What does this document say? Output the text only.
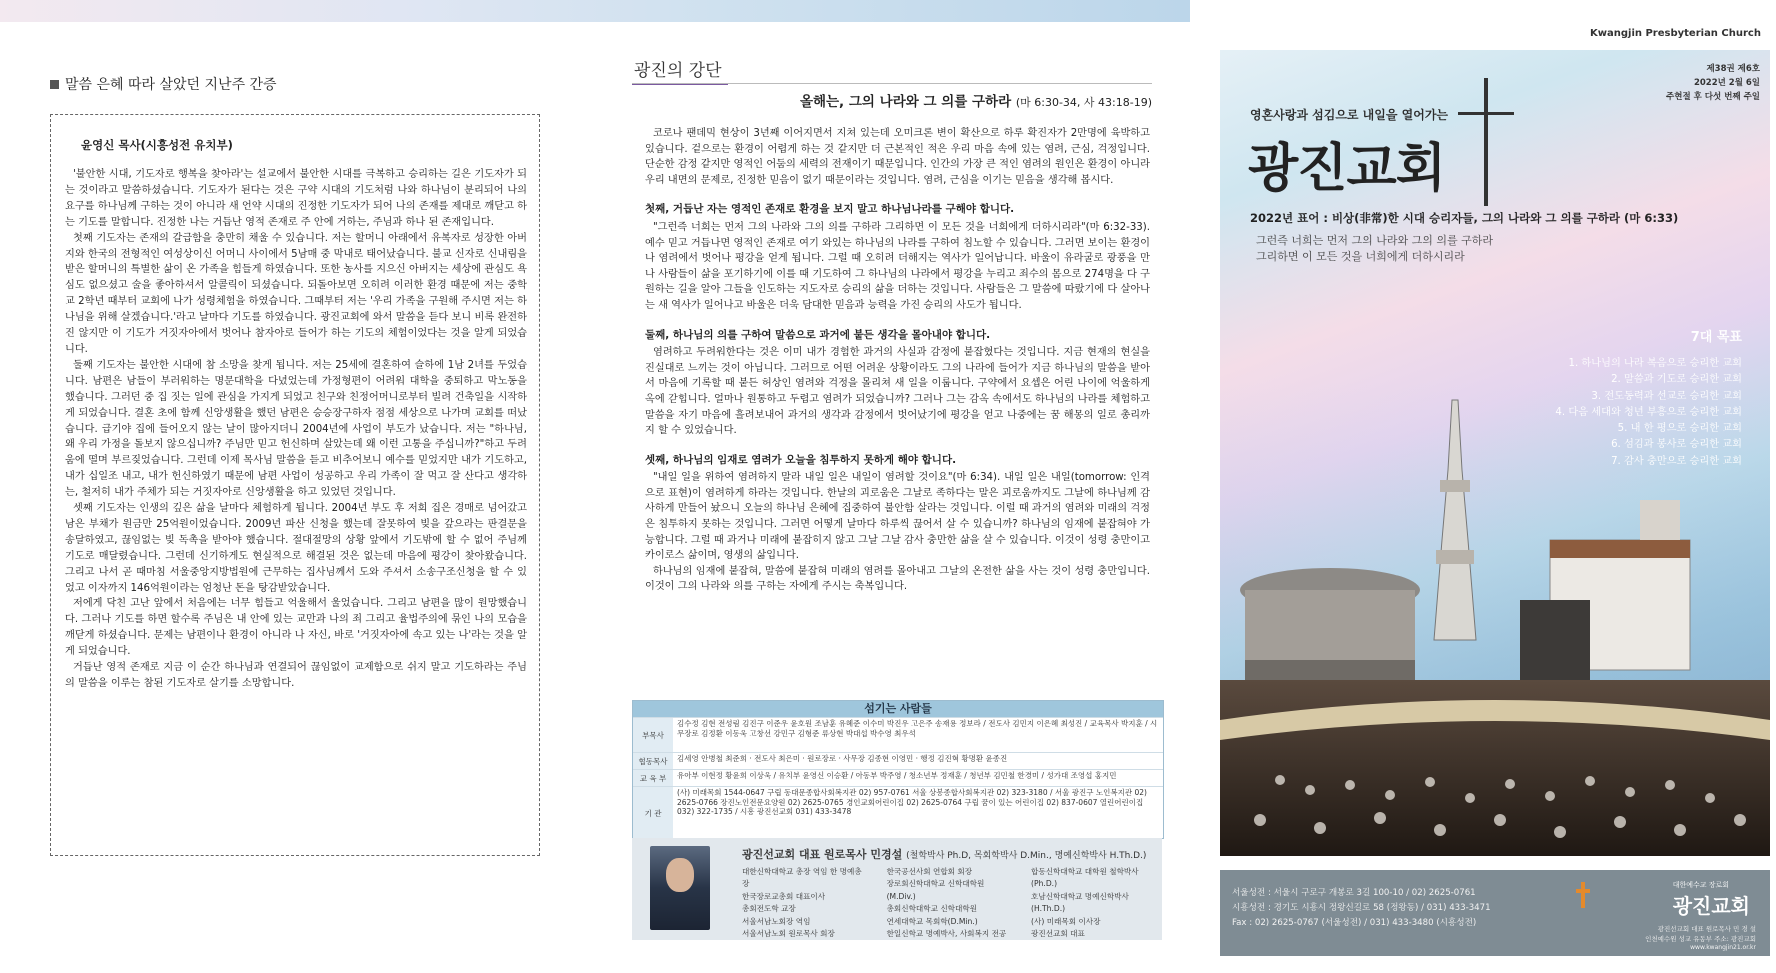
말씀 은혜 따라 살았던 지난주 간증
윤영신 목사(시흥성전 유치부)

'불안한 시대, 기도자로 행복을 찾아라'는 설교에서 불안한 시대를 극복하고 승리하는 길은 기도자가 되는 것이라고 말씀하셨습니다. 기도자가 된다는 것은 구약 시대의 기도처럼 나와 하나님이 분리되어 나의 요구를 하나님께 구하는 것이 아니라 새 언약 시대의 진정한 기도자가 되어 나의 존재를 제대로 깨닫고 하는 기도를 말합니다. 진정한 나는 거듭난 영적 존재로 주 안에 거하는, 주님과 하나 된 존재입니다.

첫째 기도자는 존재의 갈급함을 충만히 채울 수 있습니다. 저는 할머니 아래에서 유복자로 성장한 아버지와 한국의 전형적인 여성상이신 어머니 사이에서 5남매 중 막내로 태어났습니다. 불교 신자로 신내림을 받은 할머니의 특별한 삶이 온 가족을 힘들게 하였습니다. 또한 농사를 지으신 아버지는 세상에 관심도 욕심도 없으셨고 술을 좋아하셔서 알콜릭이 되셨습니다. 되돌아보면 오히려 이러한 환경 때문에 저는 중학교 2학년 때부터 교회에 나가 성령체험을 하였습니다. 그때부터 저는 '우리 가족을 구원해 주시면 저는 하나님을 위해 살겠습니다.'라고 날마다 기도를 하였습니다. 광진교회에 와서 말씀을 듣다 보니 비록 완전하진 않지만 이 기도가 거짓자아에서 벗어나 참자아로 들어가 하는 기도의 체험이었다는 것을 알게 되었습니다.

둘째 기도자는 불안한 시대에 참 소망을 찾게 됩니다. 저는 25세에 결혼하여 슬하에 1남 2녀를 두었습니다. 남편은 남들이 부러워하는 명문대학을 다녔었는데 가정형편이 어려워 대학을 중퇴하고 막노동을 했습니다. 그러던 중 집 짓는 일에 관심을 가지게 되었고 친구와 친정어머니로부터 빌려 건축일을 시작하게 되었습니다. 결혼 초에 함께 신앙생활을 했던 남편은 승승장구하자 점점 세상으로 나가며 교회를 떠났습니다. 급기야 집에 들어오지 않는 날이 많아지더니 2004년에 사업이 부도가 났습니다. 저는 "하나님, 왜 우리 가정을 돌보지 않으십니까? 주님만 믿고 헌신하며 살았는데 왜 이런 고통을 주십니까?"하고 두려움에 떨며 부르짖었습니다. 그런데 이제 목사님 말씀을 듣고 비추어보니 예수를 믿었지만 내가 기도하고, 내가 십일조 내고, 내가 헌신하였기 때문에 남편 사업이 성공하고 우리 가족이 잘 먹고 잘 산다고 생각하는, 철저히 내가 주체가 되는 거짓자아로 신앙생활을 하고 있었던 것입니다.

셋째 기도자는 인생의 깊은 삶을 날마다 체험하게 됩니다. 2004년 부도 후 저희 집은 경매로 넘어갔고 남은 부채가 원금만 25억원이었습니다. 2009년 파산 신청을 했는데 잘못하여 빚을 갚으라는 판결문을 송달하였고, 끊임없는 빚 독촉을 받아야 했습니다. 절대절망의 상황 앞에서 기도밖에 할 수 없어 주님께 기도로 매달렸습니다. 그런데 신기하게도 현실적으로 해결된 것은 없는데 마음에 평강이 찾아왔습니다. 그리고 나서 곧 때마침 서울중앙지방법원에 근무하는 집사님께서 도와 주셔서 소송구조신청을 할 수 있었고 이자까지 146억원이라는 엄청난 돈을 탕감받았습니다.

저에게 닥친 고난 앞에서 처음에는 너무 힘들고 억울해서 울었습니다. 그리고 남편을 많이 원망했습니다. 그러나 기도를 하면 할수록 주님은 내 안에 있는 교만과 나의 죄 그리고 율법주의에 묶인 나의 모습을 깨닫게 하셨습니다. 문제는 남편이나 환경이 아니라 나 자신, 바로 '거짓자아에 속고 있는 나'라는 것을 알게 되었습니다.

거듭난 영적 존재로 지금 이 순간 하나님과 연결되어 끊임없이 교제함으로 쉬지 말고 기도하라는 주님의 말씀을 이루는 참된 기도자로 살기를 소망합니다.

광진의 강단
올해는, 그의 나라와 그 의를 구하라 (마 6:30-34, 사 43:18-19)

코로나 팬데믹 현상이 3년째 이어지면서 지쳐 있는데 오미크론 변이 확산으로 하루 확진자가 2만명에 육박하고 있습니다. 겉으로는 환경이 어렵게 하는 것 같지만 더 근본적인 적은 우리 마음 속에 있는 염려, 근심, 걱정입니다. 단순한 감정 같지만 영적인 어둠의 세력의 전재이기 때문입니다. 인간의 가장 큰 적인 염려의 원인은 환경이 아니라 우리 내면의 문제로, 진정한 믿음이 없기 때문이라는 것입니다. 염려, 근심을 이기는 믿음을 생각해 봅시다.

첫째, 거듭난 자는 영적인 존재로 환경을 보지 말고 하나님나라를 구해야 합니다.

"그런즉 너희는 먼저 그의 나라와 그의 의를 구하라 그리하면 이 모든 것을 너희에게 더하시리라"(마 6:32-33). 예수 믿고 거듭나면 영적인 존재로 여기 와있는 하나님의 나라를 구하여 침노할 수 있습니다. 그러면 보이는 환경이나 염려에서 벗어나 평강을 얻게 됩니다. 그럴 때 오히려 더해지는 역사가 일어납니다. 바울이 유라굴로 광풍을 만나 사람들이 삶을 포기하기에 이를 때 기도하여 그 하나님의 나라에서 평강을 누리고 죄수의 몸으로 274명을 다 구원하는 길을 알아 그들을 인도하는 지도자로 승리의 삶을 더하는 것입니다. 사람들은 그 말씀에 따랐기에 다 살아나는 새 역사가 일어나고 바울은 더욱 담대한 믿음과 능력을 가진 승리의 사도가 됩니다.

둘째, 하나님의 의를 구하여 말씀으로 과거에 붙든 생각을 몰아내야 합니다.

염려하고 두려워한다는 것은 이미 내가 경험한 과거의 사실과 감정에 붙잡혔다는 것입니다. 지금 현재의 현실을 진실대로 느끼는 것이 아닙니다. 그러므로 어떤 어려운 상황이라도 그의 나라에 들어가 지금 하나님의 말씀을 받아서 마음에 기록할 때 붙든 허상인 염려와 걱정을 몰리쳐 새 일을 이룹니다. 구약에서 요셉은 어린 나이에 억울하게 옥에 갇힙니다. 얼마나 원통하고 두렵고 염려가 되었습니까? 그러나 그는 감옥 속에서도 하나님의 나라를 체험하고 말씀을 자기 마음에 흘려보내어 과거의 생각과 감정에서 벗어났기에 평강을 얻고 나중에는 꿈 해몽의 일로 총리까지 할 수 있었습니다.

셋째, 하나님의 임재로 염려가 오늘을 침투하지 못하게 해야 합니다.

"내일 일을 위하여 염려하지 말라 내일 일은 내일이 염려할 것이요"(마 6:34). 내일 일은 내일(tomorrow: 인격으로 표현)이 염려하게 하라는 것입니다. 한날의 괴로움은 그날로 족하다는 말은 괴로움까지도 그날에 하나님께 감사하게 만들어 놨으니 오늘의 하나님 은혜에 집중하여 불안함 살라는 것입니다. 이럴 때 과거의 염려와 미래의 걱정은 침투하지 못하는 것입니다. 그러면 어떻게 날마다 하루씩 끊어서 살 수 있습니까? 하나님의 임재에 붙잡혀야 가능합니다. 그럴 때 과거나 미래에 붙잡히지 않고 그날 그날 감사 충만한 삶을 살 수 있습니다. 이것이 성령 충만이고 카이로스 삶이며, 영생의 삶입니다.

하나님의 임재에 붙잡혀, 말씀에 붙잡혀 미래의 염려를 몰아내고 그날의 온전한 삶을 사는 것이 성령 충만입니다. 이것이 그의 나라와 의를 구하는 자에게 주시는 축복입니다.

섬기는 사람들
부목사
김수정 김현 전성림 김진구 이준우 윤호원 조남훈 유혜준 이수미 박진우 고은주 송재용 정보라 / 전도사 김민지 이은혜 최성진 / 교육목사 박지훈 / 시무장로 김정환 이동욱 고창선 강민구 김형준 류상현 박대섭 박수영 최우석
협동목사	김세영 안병철 최준희 · 전도사 최은미 · 원로장로 · 사무장 김종현 이영민 · 행정 김진혁 황명환 윤종진
교 육 부	유아부 이현정 황윤희 이상욱 / 유치부 윤영신 이승환 / 아동부 박주영 / 청소년부 정재훈 / 청년부 김민철 한경미 / 성가대 조영섭 홍지민
기 관
(사) 미래목회 1544-0647 구립 동대문종합사회복지관 02) 957-0761 서울 상봉종합사회복지관 02) 323-3180 / 서울 광진구 노인복지관 02) 2625-0766 장진노인전문요양원 02) 2625-0765 경인교회어린이집 02) 2625-0764 구립 꿈이 있는 어린이집 02) 837-0607 열린어린이집 032) 322-1735 / 시흥 광진선교회 031) 433-3478
광진선교회 대표 원로목사 민경설 (철학박사 Ph.D, 목회학박사 D.Min., 명예신학박사 H.Th.D.)
대한신학대학교 총장 역임 한 명예총장
한국장로교총회 대표이사
총회전도학 교장
서울서남노회장 역임
서울서남노회 원로목사 회장
한국공선사회 연합회 회장
장로회신학대학교 신학대학원(M.Div.)
총회신학대학교 신학대학원
연세대학교 목회학(D.Min.)
한일신학교 명예박사, 사회복지 전공
합동신학대학교 대학원 철학박사(Ph.D.)
호남신학대학교 명예신학박사(H.Th.D.)
(사) 미래목회 이사장
광진선교회 대표
Kwangjin Presbyterian Church
제38권 제6호
2022년 2월 6일
주현절 후 다섯 번째 주일
영혼사랑과 섬김으로 내일을 열어가는
광진교회
2022년 표어 : 비상(非常)한 시대 승리자들, 그의 나라와 그 의를 구하라 (마 6:33)
그런즉 너희는 먼저 그의 나라와 그의 의를 구하라
그리하면 이 모든 것을 너희에게 더하시리라
7대 목표
1. 하나님의 나라 복음으로 승리한 교회
2. 말씀과 기도로 승리한 교회
3. 전도동력과 선교로 승리한 교회
4. 다음 세대와 청년 부흥으로 승리한 교회
5. 내 한 평으로 승리한 교회
6. 섬김과 봉사로 승리한 교회
7. 감사 충만으로 승리한 교회
서울성전 : 서울시 구로구 개봉로 3길 100-10 / 02) 2625-0761
시흥성전 : 경기도 시흥시 정왕신길로 58 (정왕동) / 031) 433-3471
Fax : 02) 2625-0767 (서울성전) / 031) 433-3480 (시흥성전)
대한예수교 장로회
광진교회
광진선교회 대표 원로목사 민 경 설
인천예수원 성교 유동부 주소: 광진교회
www.kwangjin21.or.kr
